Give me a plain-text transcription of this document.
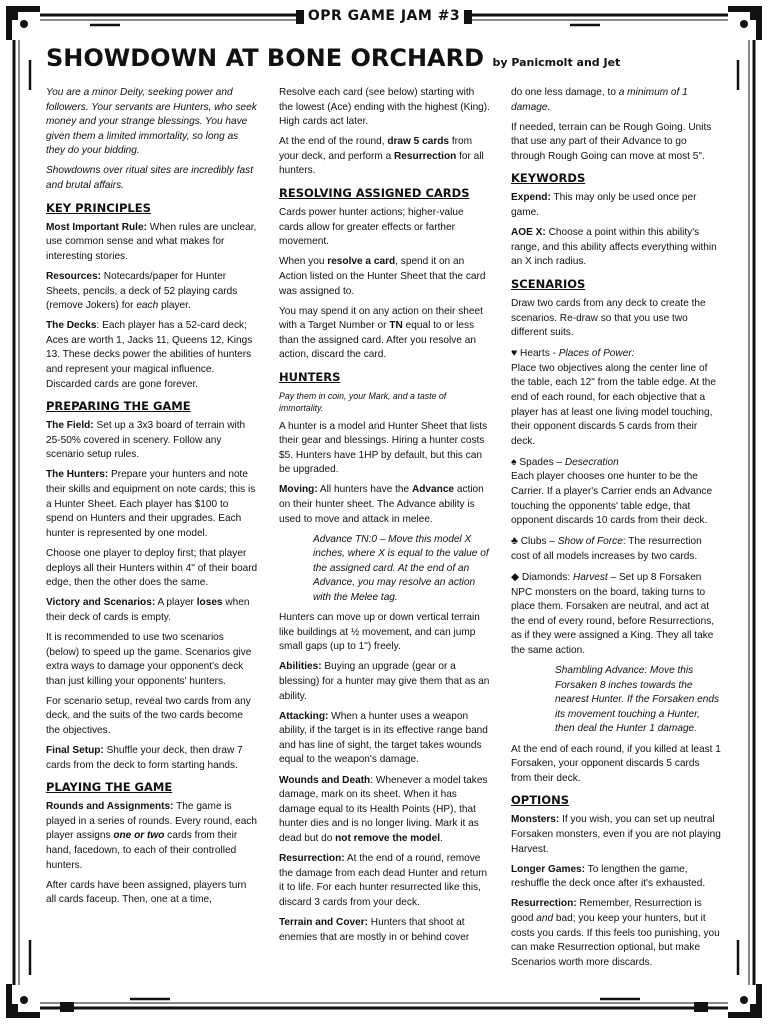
OPR GAME JAM #3
SHOWDOWN AT BONE ORCHARD by Panicmolt and Jet

You are a minor Deity, seeking power and followers. Your servants are Hunters, who seek money and your strange blessings. You have given them a limited immortality, so long as they do your bidding.

Showdowns over ritual sites are incredibly fast and brutal affairs.

KEY PRINCIPLES

Most Important Rule: When rules are unclear, use common sense and what makes for interesting stories.

Resources: Notecards/paper for Hunter Sheets, pencils, a deck of 52 playing cards (remove Jokers) for each player.

The Decks: Each player has a 52-card deck; Aces are worth 1, Jacks 11, Queens 12, Kings 13. These decks power the abilities of hunters and represent your magical influence. Discarded cards are gone forever.

PREPARING THE GAME

The Field: Set up a 3x3 board of terrain with 25-50% covered in scenery. Follow any scenario setup rules.

The Hunters: Prepare your hunters and note their skills and equipment on note cards; this is a Hunter Sheet. Each player has $100 to spend on Hunters and their upgrades. Each hunter is represented by one model.

Choose one player to deploy first; that player deploys all their Hunters within 4" of their board edge, then the other does the same.

Victory and Scenarios: A player loses when their deck of cards is empty.

It is recommended to use two scenarios (below) to speed up the game. Scenarios give extra ways to damage your opponent's deck than just killing your opponents' hunters.

For scenario setup, reveal two cards from any deck, and the suits of the two cards become the objectives.

Final Setup: Shuffle your deck, then draw 7 cards from the deck to form starting hands.

PLAYING THE GAME

Rounds and Assignments: The game is played in a series of rounds. Every round, each player assigns one or two cards from their hand, facedown, to each of their controlled hunters.

After cards have been assigned, players turn all cards faceup. Then, one at a time,

Resolve each card (see below) starting with the lowest (Ace) ending with the highest (King). High cards act later.

At the end of the round, draw 5 cards from your deck, and perform a Resurrection for all hunters.

RESOLVING ASSIGNED CARDS

Cards power hunter actions; higher-value cards allow for greater effects or farther movement.

When you resolve a card, spend it on an Action listed on the Hunter Sheet that the card was assigned to.

You may spend it on any action on their sheet with a Target Number or TN equal to or less than the assigned card. After you resolve an action, discard the card.

HUNTERS

Pay them in coin, your Mark, and a taste of immortality.

A hunter is a model and Hunter Sheet that lists their gear and blessings. Hiring a hunter costs $5. Hunters have 1HP by default, but this can be upgraded.

Moving: All hunters have the Advance action on their hunter sheet. The Advance ability is used to move and attack in melee.

Advance TN:0 – Move this model X inches, where X is equal to the value of the assigned card. At the end of an Advance, you may resolve an action with the Melee tag.

Hunters can move up or down vertical terrain like buildings at ½ movement, and can jump small gaps (up to 1") freely.

Abilities: Buying an upgrade (gear or a blessing) for a hunter may give them that as an ability.

Attacking: When a hunter uses a weapon ability, if the target is in its effective range band and has line of sight, the target takes wounds equal to the weapon's damage.

Wounds and Death: Whenever a model takes damage, mark on its sheet. When it has damage equal to its Health Points (HP), that hunter dies and is no longer living. Mark it as dead but do not remove the model.

Resurrection: At the end of a round, remove the damage from each dead Hunter and return it to life. For each hunter resurrected like this, discard 3 cards from your deck.

Terrain and Cover: Hunters that shoot at enemies that are mostly in or behind cover

do one less damage, to a minimum of 1 damage.

If needed, terrain can be Rough Going. Units that use any part of their Advance to go through Rough Going can move at most 5".

KEYWORDS

Expend: This may only be used once per game.

AOE X: Choose a point within this ability's range, and this ability affects everything within an X inch radius.

SCENARIOS

Draw two cards from any deck to create the scenarios. Re-draw so that you use two different suits.

♥ Hearts - Places of Power:

Place two objectives along the center line of the table, each 12" from the table edge. At the end of each round, for each objective that a player has at least one living model touching, their opponent discards 5 cards from their deck.

♠ Spades – Desecration

Each player chooses one hunter to be the Carrier. If a player's Carrier ends an Advance touching the opponents' table edge, that opponent discards 10 cards from their deck.

♣ Clubs – Show of Force: The resurrection cost of all models increases by two cards.

◆ Diamonds: Harvest – Set up 8 Forsaken NPC monsters on the board, taking turns to place them. Forsaken are neutral, and act at the end of every round, before Resurrections, as if they were assigned a King. They all take the same action.

Shambling Advance: Move this Forsaken 8 inches towards the nearest Hunter. If the Forsaken ends its movement touching a Hunter, then deal the Hunter 1 damage.

At the end of each round, if you killed at least 1 Forsaken, your opponent discards 5 cards from their deck.

OPTIONS

Monsters: If you wish, you can set up neutral Forsaken monsters, even if you are not playing Harvest.

Longer Games: To lengthen the game, reshuffle the deck once after it's exhausted.

Resurrection: Remember, Resurrection is good and bad; you keep your hunters, but it costs you cards. If this feels too punishing, you can make Resurrection optional, but make Scenarios worth more discards.
